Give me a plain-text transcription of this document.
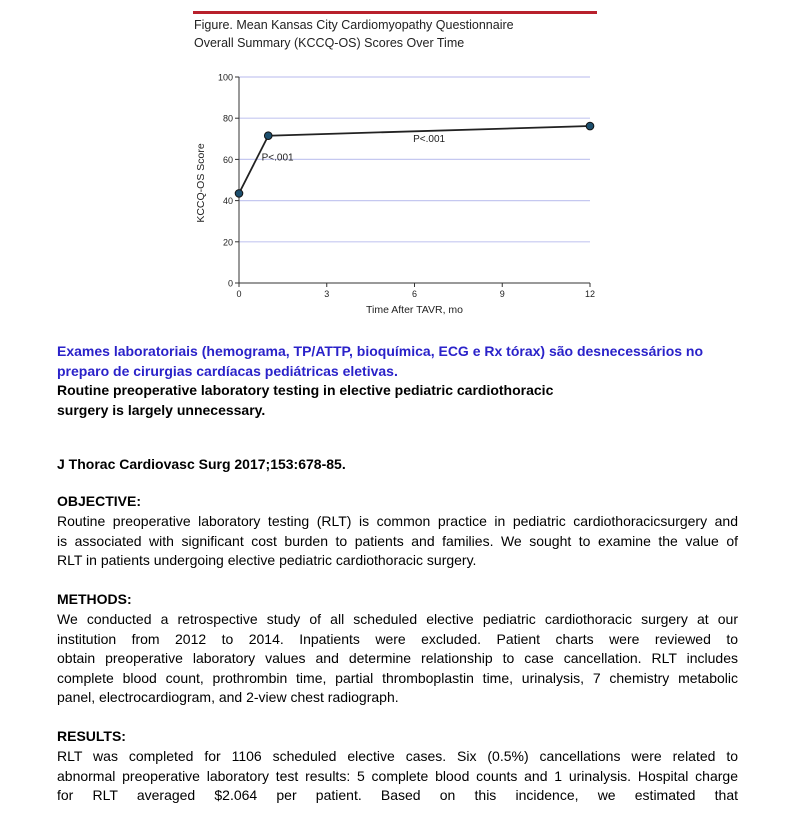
Figure. Mean Kansas City Cardiomyopathy Questionnaire
Overall Summary (KCCQ-OS) Scores Over Time
0
20
40
60
80
100
0	3	6	9	12
Time After TAVR, mo
KCCQ-OS Score	P<.001
P<.001
Exames laboratoriais (hemograma, TP/ATTP, bioquímica, ECG e Rx tórax) são desnecessários no
preparo de cirurgias cardíacas pediátricas eletivas.
Routine preoperative laboratory testing in elective pediatric cardiothoracic
surgery is largely unnecessary.
J Thorac Cardiovasc Surg 2017;153:678-85.
OBJECTIVE:

Routine preoperative laboratory testing (RLT) is common practice in pediatric cardiothoracicsurgery and

is associated with significant cost burden to patients and families. We sought to examine the value of

RLT in patients undergoing elective pediatric cardiothoracic surgery.

METHODS:

We conducted a retrospective study of all scheduled elective pediatric cardiothoracic surgery at our

institution from 2012 to 2014. Inpatients were excluded. Patient charts were reviewed to

obtain preoperative laboratory values and determine relationship to case cancellation. RLT includes

complete blood count, prothrombin time, partial thromboplastin time, urinalysis, 7 chemistry metabolic

panel, electrocardiogram, and 2-view chest radiograph.

RESULTS:

RLT was completed for 1106 scheduled elective cases. Six (0.5%) cancellations were related to

abnormal preoperative laboratory test results: 5 complete blood counts and 1 urinalysis. Hospital charge

for RLT averaged $2.064 per patient. Based on this incidence, we estimated that
